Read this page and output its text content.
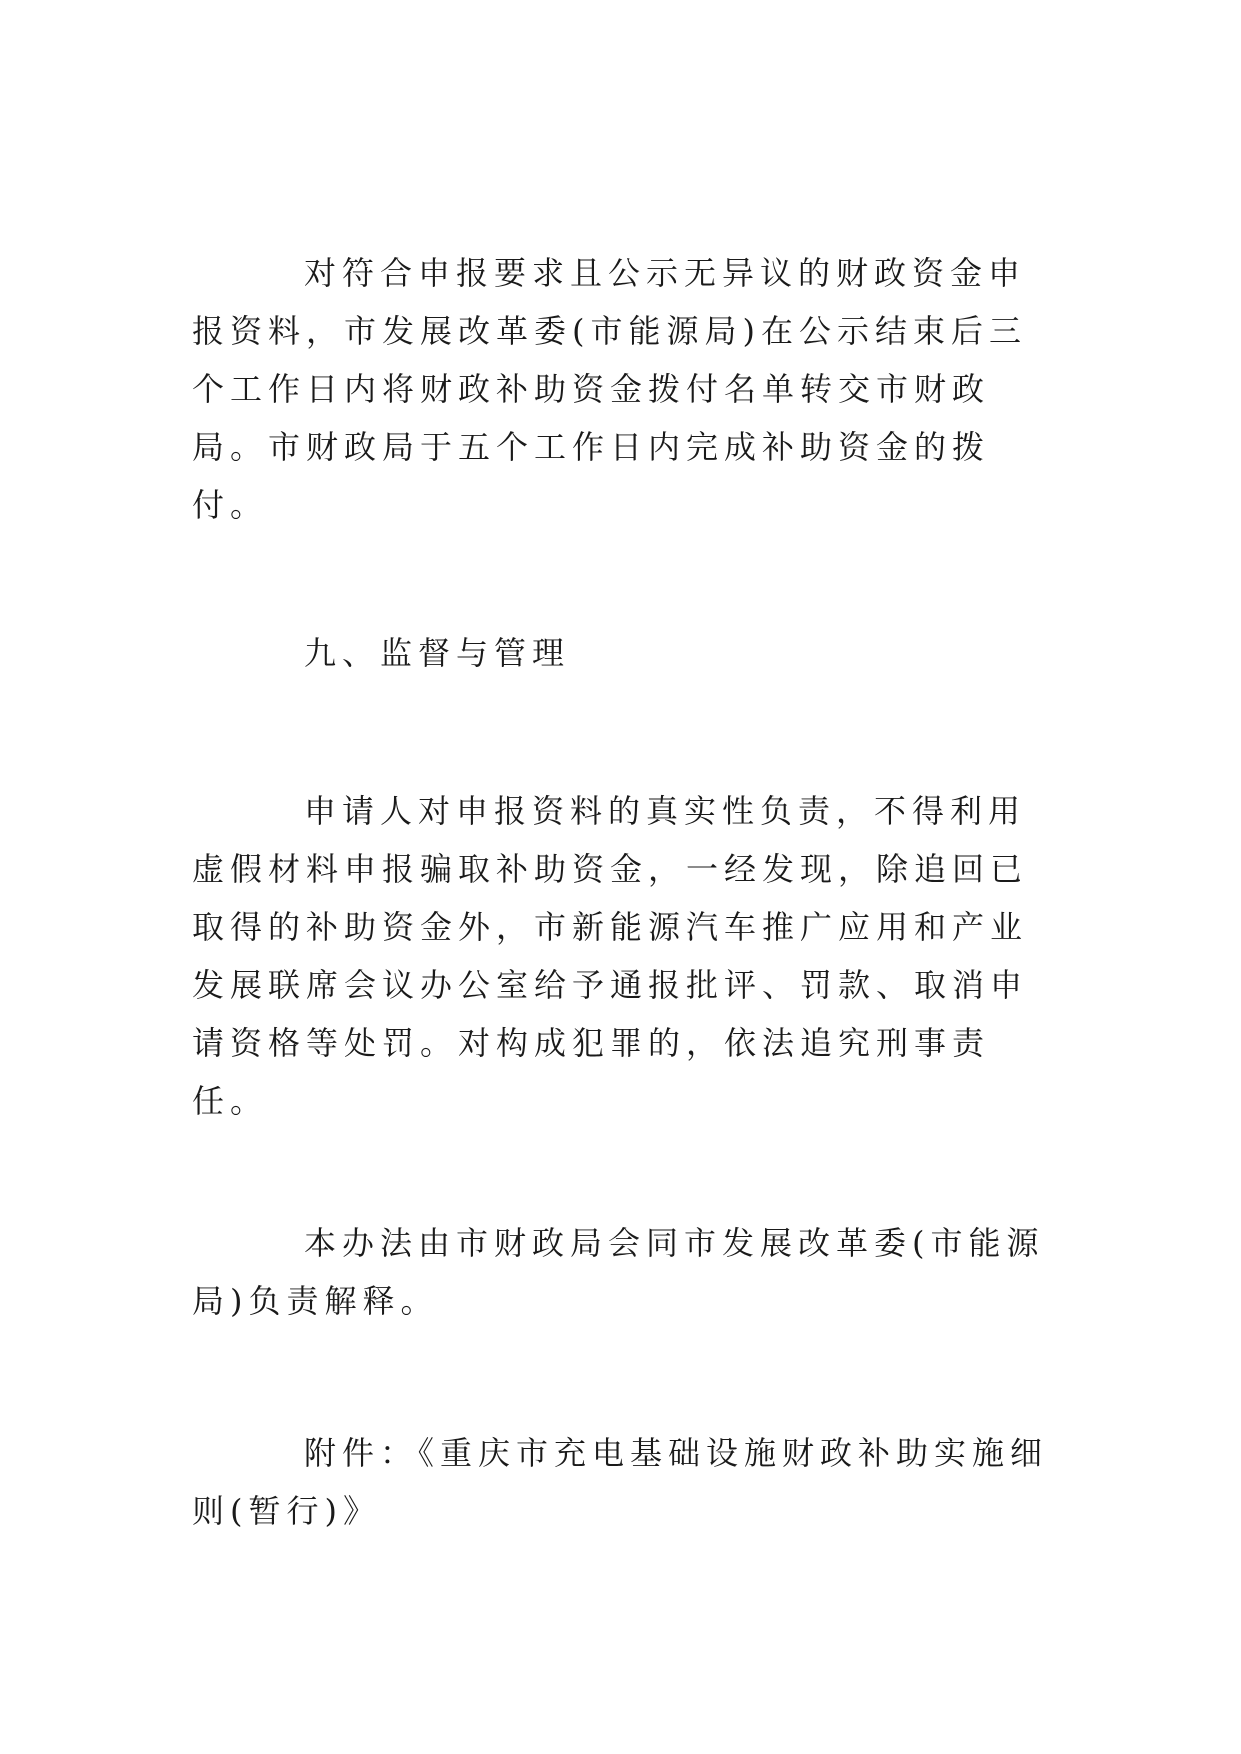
对符合申报要求且公示无异议的财政资金申报资料，市发展改革委(市能源局)在公示结束后三个工作日内将财政补助资金拨付名单转交市财政局。市财政局于五个工作日内完成补助资金的拨付。

九、监督与管理

申请人对申报资料的真实性负责，不得利用虚假材料申报骗取补助资金，一经发现，除追回已取得的补助资金外，市新能源汽车推广应用和产业发展联席会议办公室给予通报批评、罚款、取消申请资格等处罚。对构成犯罪的，依法追究刑事责任。

本办法由市财政局会同市发展改革委(市能源局)负责解释。

附件：《重庆市充电基础设施财政补助实施细则(暂行)》
